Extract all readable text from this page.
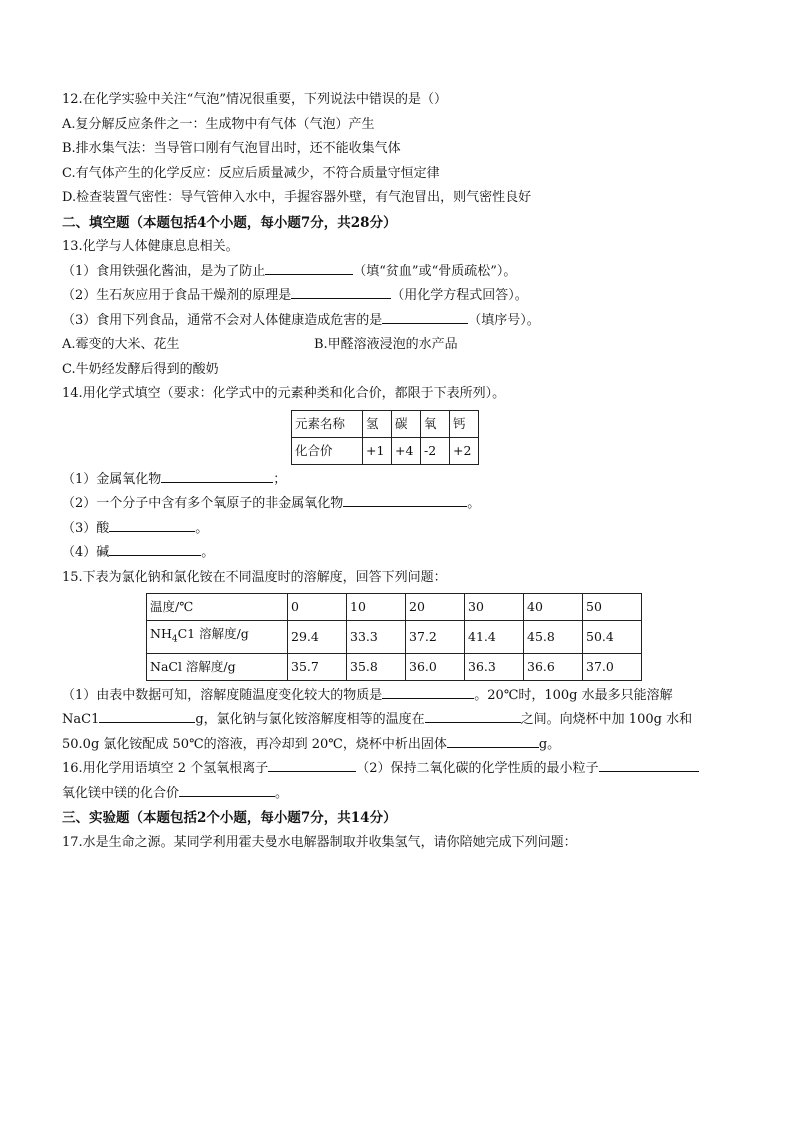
12.在化学实验中关注“气泡”情况很重要，下列说法中错误的是（）
A.复分解反应条件之一：生成物中有气体（气泡）产生
B.排水集气法：当导管口刚有气泡冒出时，还不能收集气体
C.有气体产生的化学反应：反应后质量减少，不符合质量守恒定律
D.检查装置气密性：导气管伸入水中，手握容器外壁，有气泡冒出，则气密性良好
二、填空题（本题包括4个小题，每小题7分，共28分）
13.化学与人体健康息息相关。
（1）食用铁强化酱油，是为了防止	（填“贫血”或“骨质疏松”）。
（2）生石灰应用于食品干燥剂的原理是	（用化学方程式回答）。
（3）食用下列食品，通常不会对人体健康造成危害的是	（填序号）。
A.霉变的大米、花生	B.甲醛溶液浸泡的水产品
C.牛奶经发酵后得到的酸奶
14.用化学式填空（要求：化学式中的元素种类和化合价，都限于下表所列）。
元素名称	氢	碳	氧	钙
化合价	+1	+4	-2	+2
（1）金属氧化物	；
（2）一个分子中含有多个氧原子的非金属氧化物	。
（3）酸	。
（4）碱	。
15.下表为氯化钠和氯化铵在不同温度时的溶解度，回答下列问题：
温度/℃	0	10	20	30	40	50
$NH_4C1$ 溶解度/g	29.4	33.3	37.2	41.4	45.8	50.4
NaCl 溶解度/g	35.7	35.8	36.0	36.3	36.6	37.0
（1）由表中数据可知，溶解度随温度变化较大的物质是	。20℃时，100g 水最多只能溶解
NaC1	g，氯化钠与氯化铵溶解度相等的温度在	之间。向烧杯中加 100g 水和
50.0g 氯化铵配成 50℃的溶液，再冷却到 20℃，烧杯中析出固体	g。
16.用化学用语填空 2 个氢氧根离子	（2）保持二氧化碳的化学性质的最小粒子
氧化镁中镁的化合价	。
三、实验题（本题包括2个小题，每小题7分，共14分）
17.水是生命之源。某同学利用霍夫曼水电解器制取并收集氢气，请你陪她完成下列问题：
